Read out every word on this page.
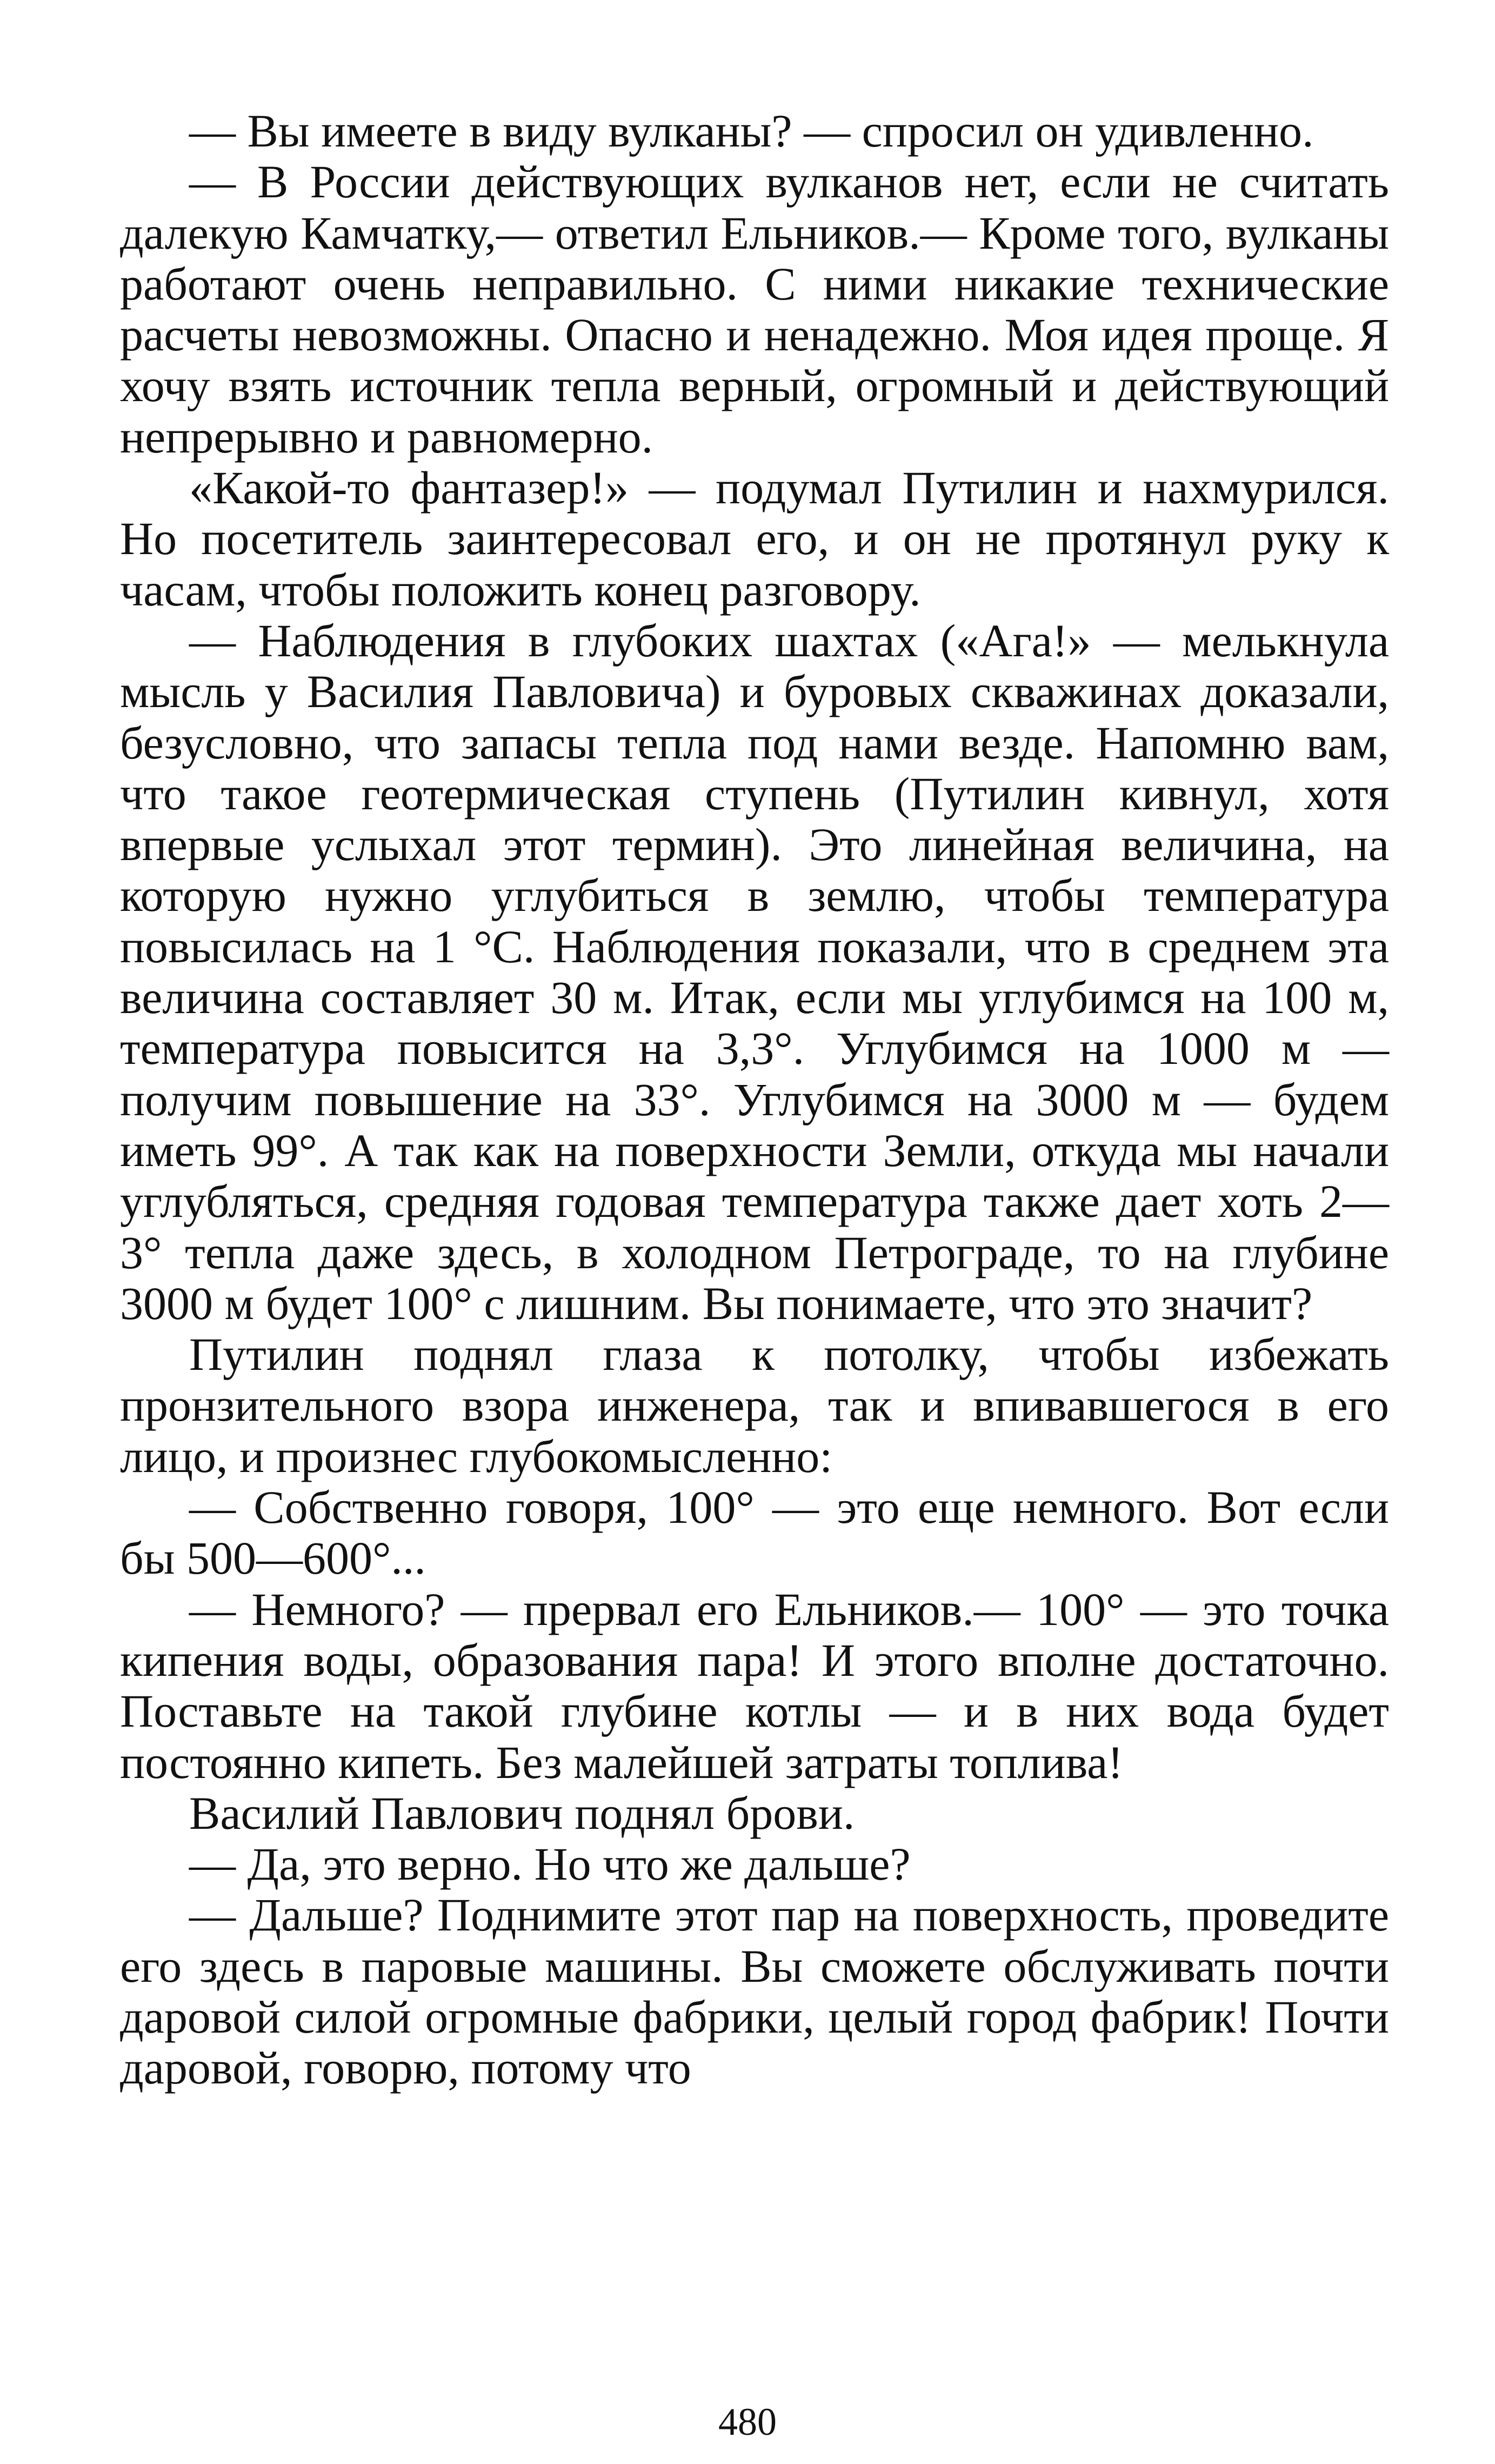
— Вы имеете в виду вулканы? — спросил он удивленно.

— В России действующих вулканов нет, если не считать далекую Камчатку,— ответил Ельников.— Кроме того, вулканы работают очень неправильно. С ними никакие технические расчеты невозможны. Опасно и ненадежно. Моя идея проще. Я хочу взять источник тепла верный, огромный и действующий непрерывно и равномерно.

«Какой-то фантазер!» — подумал Путилин и нахмурился. Но посетитель заинтересовал его, и он не протянул руку к часам, чтобы положить конец разговору.

— Наблюдения в глубоких шахтах («Ага!» — мелькнула мысль у Василия Павловича) и буровых скважинах доказали, безусловно, что запасы тепла под нами везде. Напомню вам, что такое геотермическая ступень (Путилин кивнул, хотя впервые услыхал этот термин). Это линейная величина, на которую нужно углубиться в землю, чтобы температура повысилась на 1 °С. Наблюдения показали, что в среднем эта величина составляет 30 м. Итак, если мы углубимся на 100 м, температура повысится на 3,3°. Углубимся на 1000 м — получим повышение на 33°. Углубимся на 3000 м — будем иметь 99°. А так как на поверхности Земли, откуда мы начали углубляться, средняя годовая температура также дает хоть 2—3° тепла даже здесь, в холодном Петрограде, то на глубине 3000 м будет 100° с лишним. Вы понимаете, что это значит?

Путилин поднял глаза к потолку, чтобы избежать пронзительного взора инженера, так и впивавшегося в его лицо, и произнес глубокомысленно:

— Собственно говоря, 100° — это еще немного. Вот если бы 500—600°...

— Немного? — прервал его Ельников.— 100° — это точка кипения воды, образования пара! И этого вполне достаточно. Поставьте на такой глубине котлы — и в них вода будет постоянно кипеть. Без малейшей затраты топлива!

Василий Павлович поднял брови.

— Да, это верно. Но что же дальше?

— Дальше? Поднимите этот пар на поверхность, проведите его здесь в паровые машины. Вы сможете обслуживать почти даровой силой огромные фабрики, целый город фабрик! Почти даровой, говорю, потому что

480
